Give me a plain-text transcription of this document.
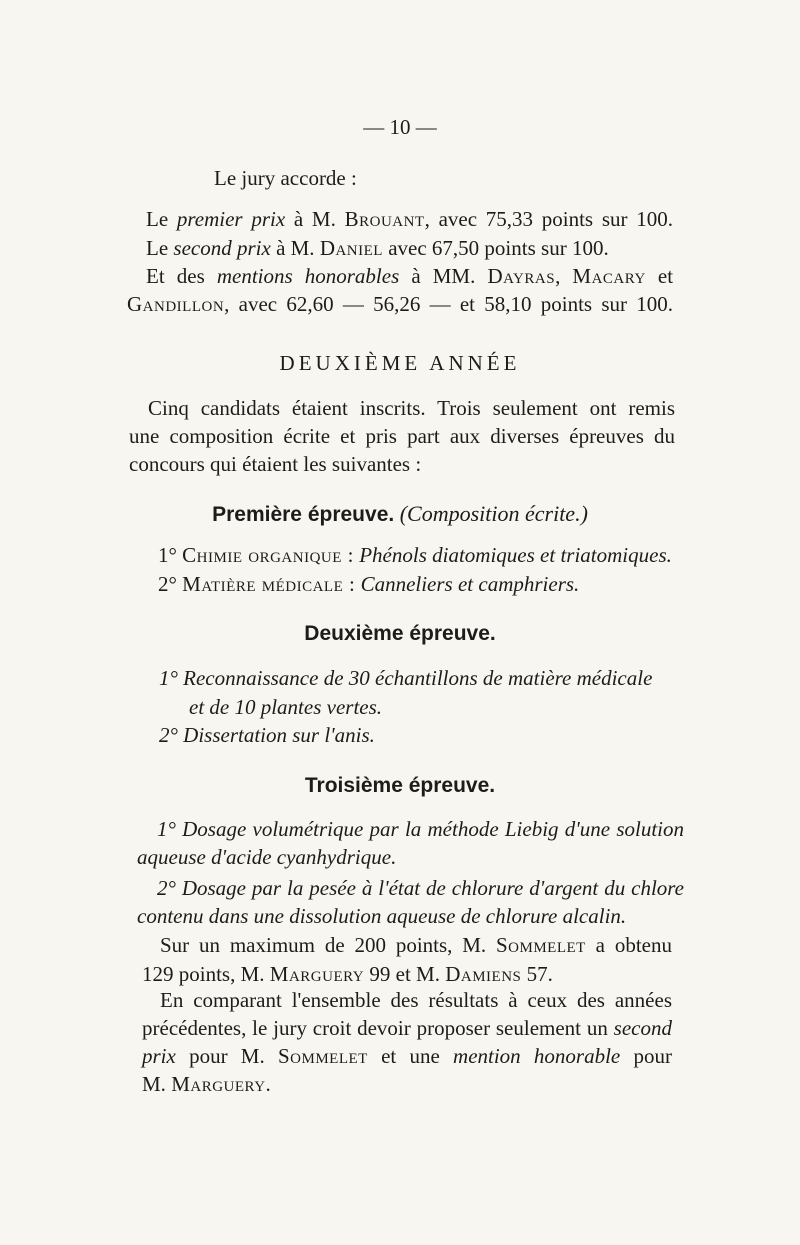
— 10 —
Le jury accorde :
Le premier prix à M. Brouant, avec 75,33 points sur 100.
Le second prix à M. Daniel avec 67,50 points sur 100.
Et des mentions honorables à MM. Dayras, Macary et
Gandillon, avec 62,60 — 56,26 — et 58,10 points sur 100.
DEUXIÈME ANNÉE
Cinq candidats étaient inscrits. Trois seulement ont remis
une composition écrite et pris part aux diverses épreuves du
concours qui étaient les suivantes :
Première épreuve. (Composition écrite.)
1° Chimie organique : Phénols diatomiques et triatomiques.
2° Matière médicale : Canneliers et camphriers.
Deuxième épreuve.
1° Reconnaissance de 30 échantillons de matière médicale
et de 10 plantes vertes.
2° Dissertation sur l'anis.
Troisième épreuve.
1° Dosage volumétrique par la méthode Liebig d'une solution
aqueuse d'acide cyanhydrique.
2° Dosage par la pesée à l'état de chlorure d'argent du chlore
contenu dans une dissolution aqueuse de chlorure alcalin.
Sur un maximum de 200 points, M. Sommelet a obtenu
129 points, M. Marguery 99 et M. Damiens 57.
En comparant l'ensemble des résultats à ceux des années
précédentes, le jury croit devoir proposer seulement un second
prix pour M. Sommelet et une mention honorable pour
M. Marguery.
